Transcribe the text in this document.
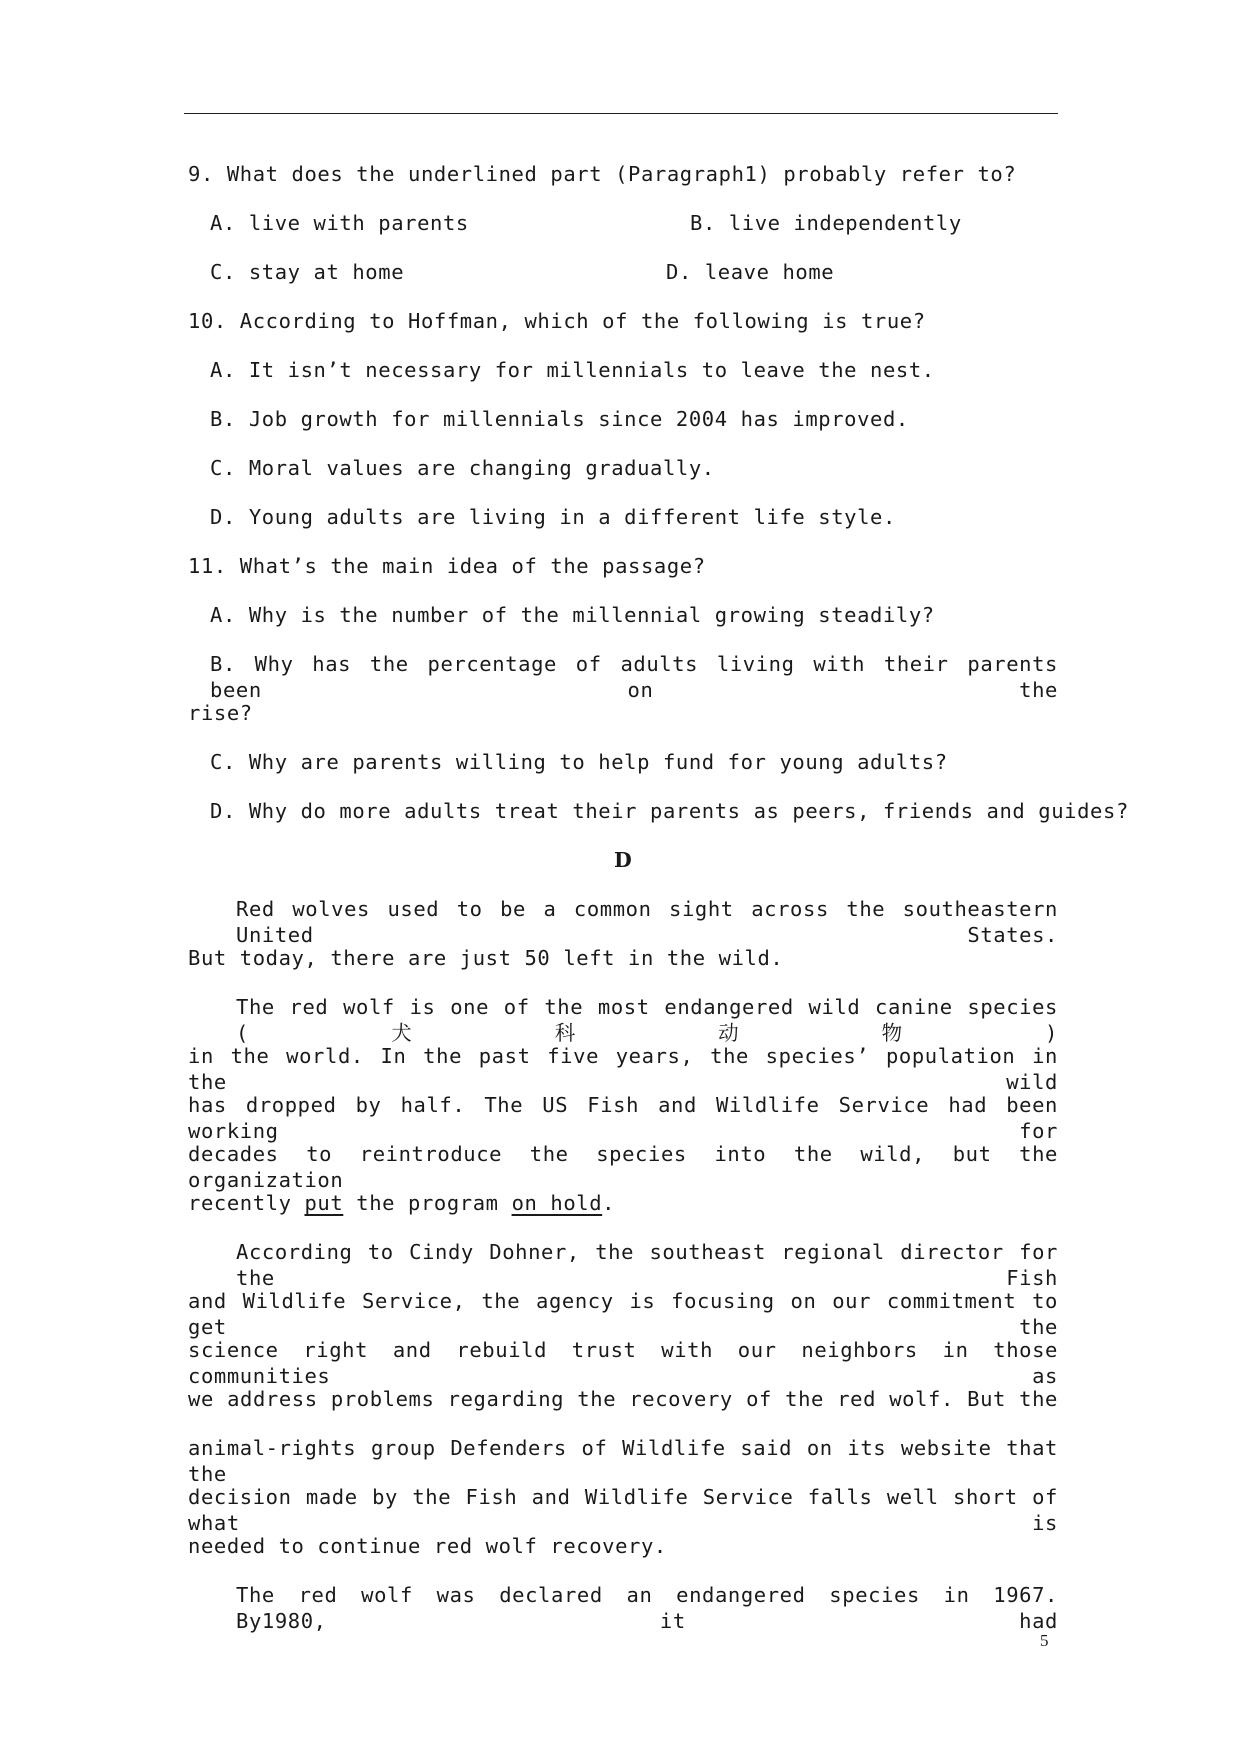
9. What does the underlined part (Paragraph1) probably refer to?
A. live with parents	B. live independently
C. stay at home	D. leave home
10. According to Hoffman, which of the following is true?
A. It isn’t necessary for millennials to leave the nest.
B. Job growth for millennials since 2004 has improved.
C. Moral values are changing gradually.
D. Young adults are living in a different life style.
11. What’s the main idea of the passage?
A. Why is the number of the millennial growing steadily?
B. Why has the percentage of adults living with their parents been on the
rise?
C. Why are parents willing to help fund for young adults?
D. Why do more adults treat their parents as peers, friends and guides?
D
Red wolves used to be a common sight across the southeastern United States.
But today, there are just 50 left in the wild.
The red wolf is one of the most endangered wild canine species (犬科动物)
in the world. In the past five years, the species’ population in the wild
has dropped by half. The US Fish and Wildlife Service had been working for
decades to reintroduce the species into the wild, but the organization
recently put the program on hold.
According to Cindy Dohner, the southeast regional director for the Fish
and Wildlife Service, the agency is focusing on our commitment to get the
science right and rebuild trust with our neighbors in those communities as
we address problems regarding the recovery of the red wolf. But the
animal-rights group Defenders of Wildlife said on its website that the
decision made by the Fish and Wildlife Service falls well short of what is
needed to continue red wolf recovery.
The red wolf was declared an endangered species in 1967. By1980, it had
5
